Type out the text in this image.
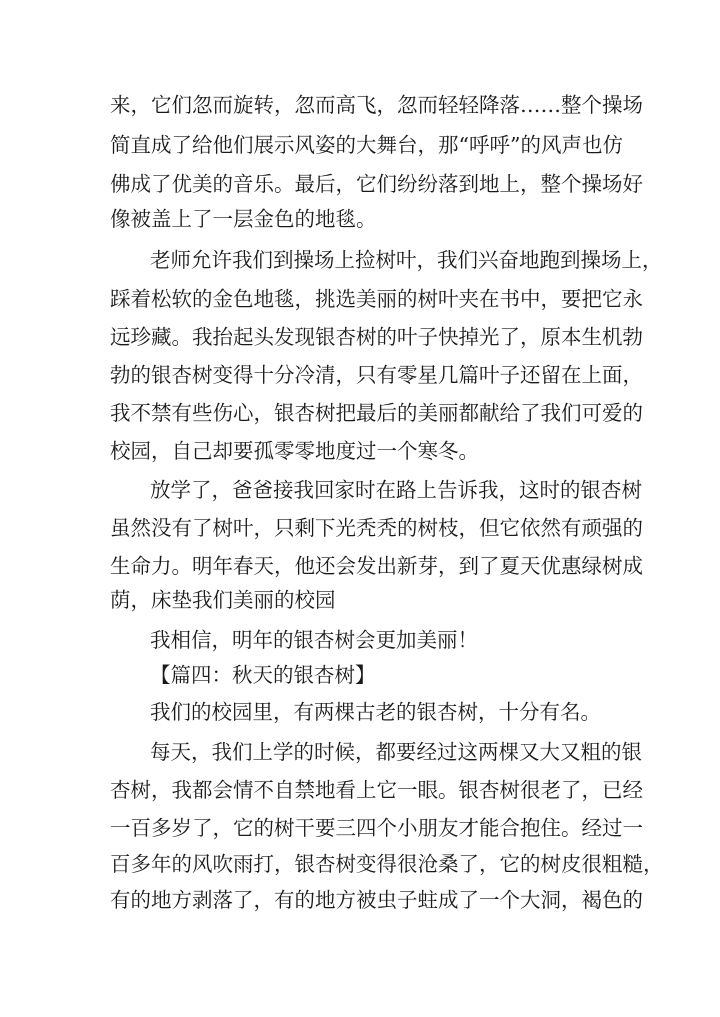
来，它们忽而旋转，忽而高飞，忽而轻轻降落……整个操场
简直成了给他们展示风姿的大舞台，那“呼呼”的风声也仿
佛成了优美的音乐。最后，它们纷纷落到地上，整个操场好
像被盖上了一层金色的地毯。
老师允许我们到操场上捡树叶，我们兴奋地跑到操场上，
踩着松软的金色地毯，挑选美丽的树叶夹在书中，要把它永
远珍藏。我抬起头发现银杏树的叶子快掉光了，原本生机勃
勃的银杏树变得十分冷清，只有零星几篇叶子还留在上面，
我不禁有些伤心，银杏树把最后的美丽都献给了我们可爱的
校园，自己却要孤零零地度过一个寒冬。
放学了，爸爸接我回家时在路上告诉我，这时的银杏树
虽然没有了树叶，只剩下光秃秃的树枝，但它依然有顽强的
生命力。明年春天，他还会发出新芽，到了夏天优惠绿树成
荫，床垫我们美丽的校园
我相信，明年的银杏树会更加美丽！
【篇四：秋天的银杏树】
我们的校园里，有两棵古老的银杏树，十分有名。
每天，我们上学的时候，都要经过这两棵又大又粗的银
杏树，我都会情不自禁地看上它一眼。银杏树很老了，已经
一百多岁了，它的树干要三四个小朋友才能合抱住。经过一
百多年的风吹雨打，银杏树变得很沧桑了，它的树皮很粗糙，
有的地方剥落了，有的地方被虫子蛀成了一个大洞，褐色的
